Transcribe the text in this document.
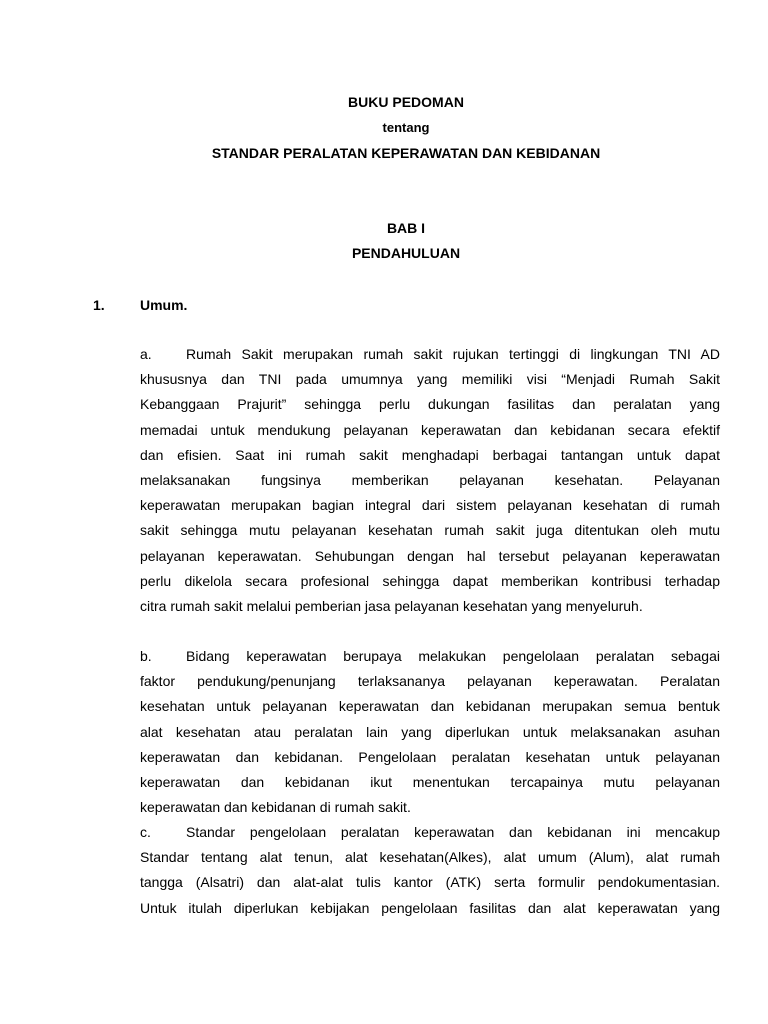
BUKU PEDOMAN
tentang
STANDAR PERALATAN KEPERAWATAN DAN KEBIDANAN
BAB I
PENDAHULUAN
1.	Umum.
a.	Rumah Sakit merupakan rumah sakit rujukan tertinggi di lingkungan TNI AD
khususnya dan TNI pada umumnya yang memiliki visi “Menjadi Rumah Sakit
Kebanggaan Prajurit” sehingga perlu dukungan fasilitas dan peralatan yang
memadai untuk mendukung pelayanan keperawatan dan kebidanan secara efektif
dan efisien. Saat ini rumah sakit menghadapi berbagai tantangan untuk dapat
melaksanakan fungsinya memberikan pelayanan kesehatan. Pelayanan
keperawatan merupakan bagian integral dari sistem pelayanan kesehatan di rumah
sakit sehingga mutu pelayanan kesehatan rumah sakit juga ditentukan oleh mutu
pelayanan keperawatan. Sehubungan dengan hal tersebut pelayanan keperawatan
perlu dikelola secara profesional sehingga dapat memberikan kontribusi terhadap
citra rumah sakit melalui pemberian jasa pelayanan kesehatan yang menyeluruh.
b.	Bidang keperawatan berupaya melakukan pengelolaan peralatan sebagai
faktor pendukung/penunjang terlaksananya pelayanan keperawatan. Peralatan
kesehatan untuk pelayanan keperawatan dan kebidanan merupakan semua bentuk
alat kesehatan atau peralatan lain yang diperlukan untuk melaksanakan asuhan
keperawatan dan kebidanan. Pengelolaan peralatan kesehatan untuk pelayanan
keperawatan dan kebidanan ikut menentukan tercapainya mutu pelayanan
keperawatan dan kebidanan di rumah sakit.
c.	Standar pengelolaan peralatan keperawatan dan kebidanan ini mencakup
Standar tentang alat tenun, alat kesehatan(Alkes), alat umum (Alum), alat rumah
tangga (Alsatri) dan alat-alat tulis kantor (ATK) serta formulir pendokumentasian.
Untuk itulah diperlukan kebijakan pengelolaan fasilitas dan alat keperawatan yang
